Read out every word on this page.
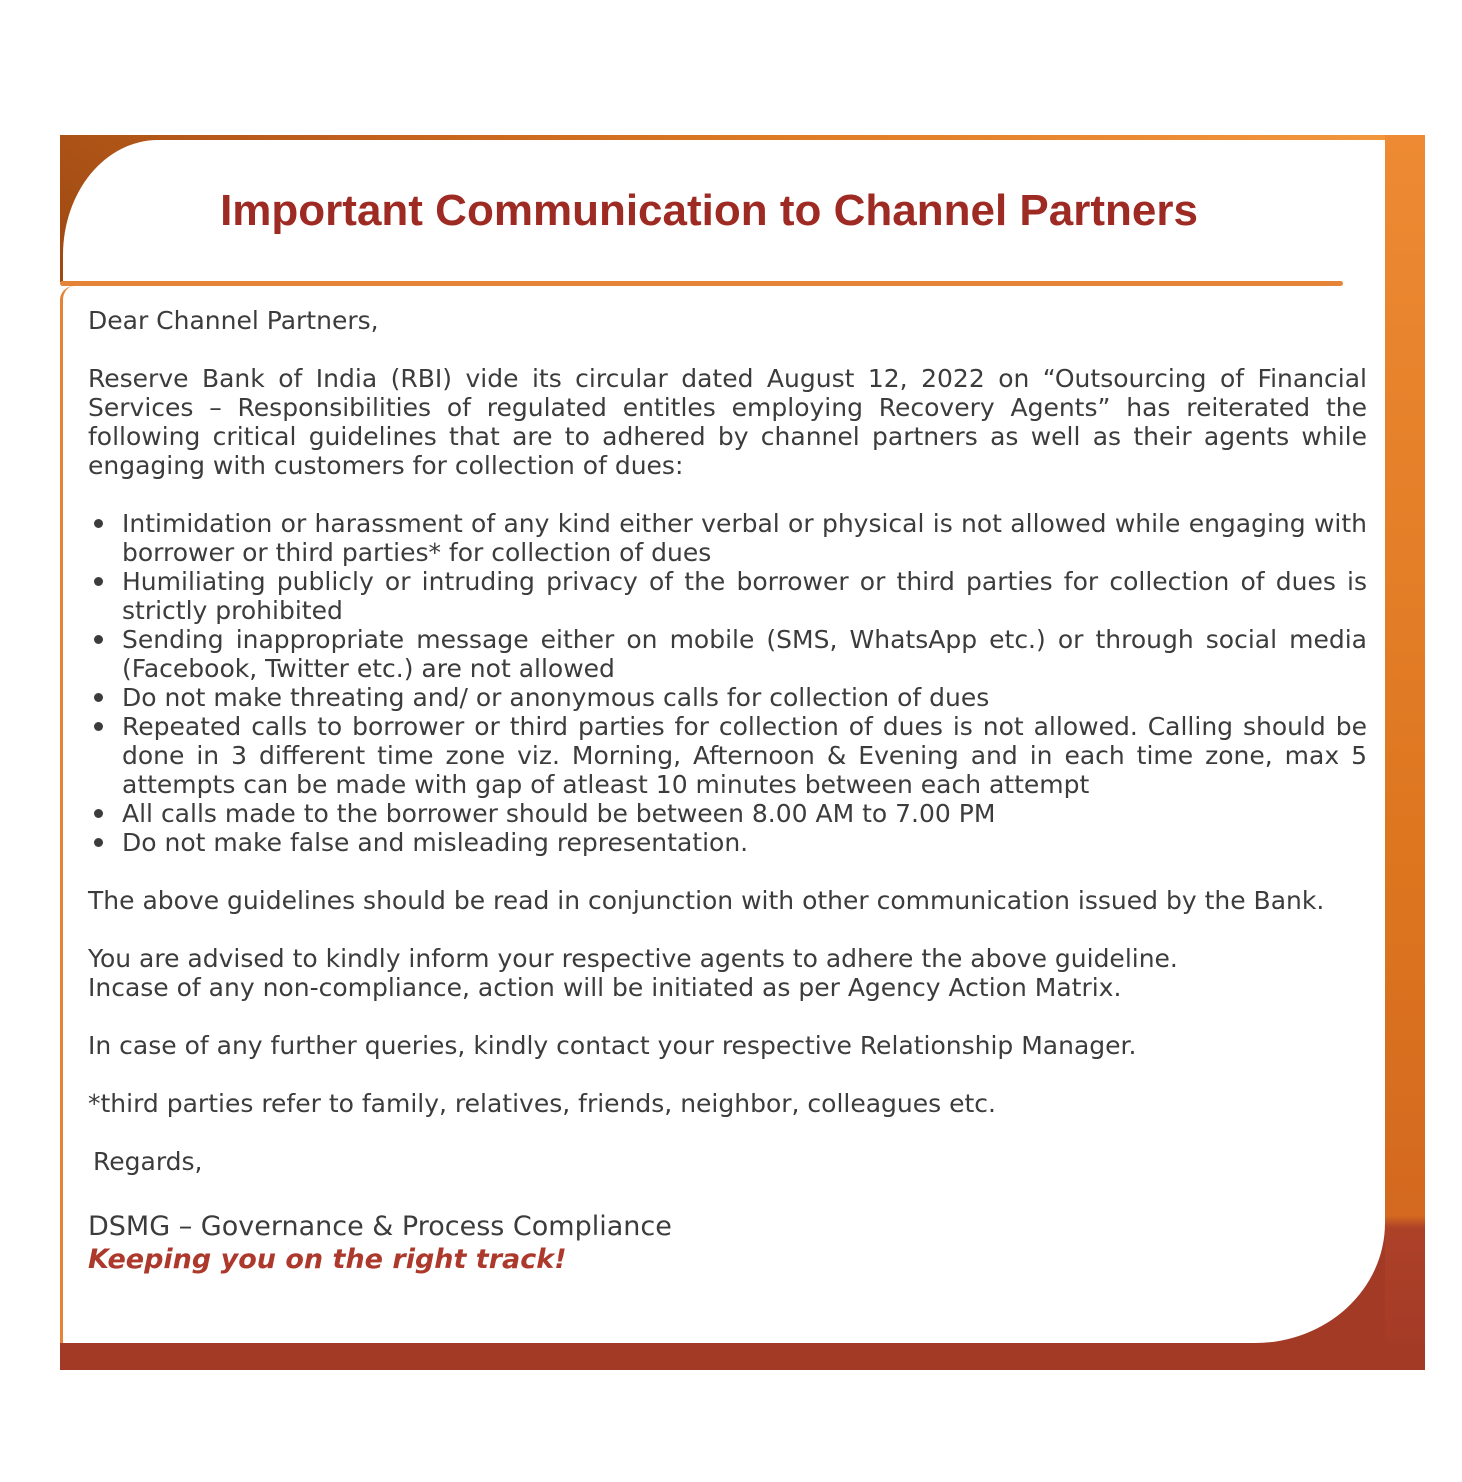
Important Communication to Channel Partners

Dear Channel Partners,

Reserve Bank of India (RBI) vide its circular dated August 12, 2022 on “Outsourcing of Financial Services – Responsibilities of regulated entitles employing Recovery Agents” has reiterated the following critical guidelines that are to adhered by channel partners as well as their agents while engaging with customers for collection of dues:

Intimidation or harassment of any kind either verbal or physical is not allowed while engaging with borrower or third parties* for collection of dues
Humiliating publicly or intruding privacy of the borrower or third parties for collection of dues is strictly prohibited
Sending inappropriate message either on mobile (SMS, WhatsApp etc.) or through social media (Facebook, Twitter etc.) are not allowed
Do not make threating and/ or anonymous calls for collection of dues
Repeated calls to borrower or third parties for collection of dues is not allowed. Calling should be done in 3 different time zone viz. Morning, Afternoon & Evening and in each time zone, max 5 attempts can be made with gap of atleast 10 minutes between each attempt
All calls made to the borrower should be between 8.00 AM to 7.00 PM
Do not make false and misleading representation.

The above guidelines should be read in conjunction with other communication issued by the Bank.

You are advised to kindly inform your respective agents to adhere the above guideline.
Incase of any non-compliance, action will be initiated as per Agency Action Matrix.

In case of any further queries, kindly contact your respective Relationship Manager.

*third parties refer to family, relatives, friends, neighbor, colleagues etc.

Regards,

DSMG – Governance & Process Compliance
Keeping you on the right track!
